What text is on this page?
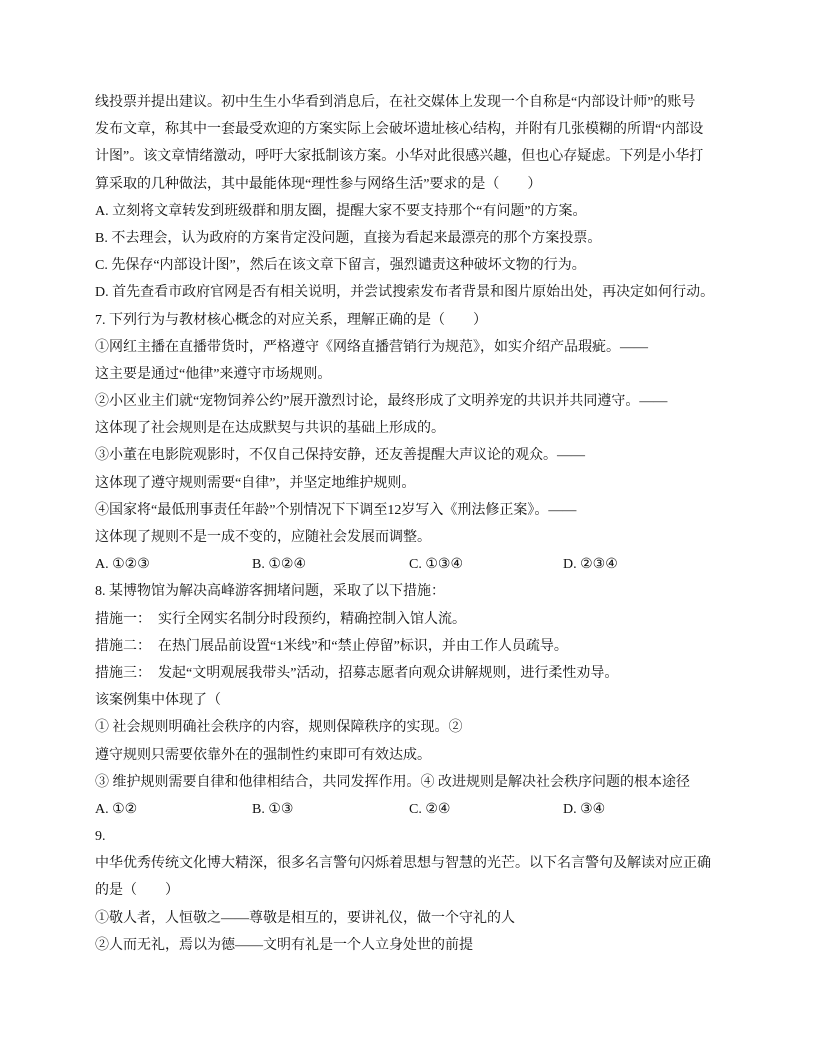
线投票并提出建议。初中生生小华看到消息后，在社交媒体上发现一个自称是“内部设计师”的账号
发布文章，称其中一套最受欢迎的方案实际上会破坏遗址核心结构，并附有几张模糊的所谓“内部设
计图”。该文章情绪激动，呼吁大家抵制该方案。小华对此很感兴趣，但也心存疑虑。下列是小华打
算采取的几种做法，其中最能体现“理性参与网络生活”要求的是（　　）
A. 立刻将文章转发到班级群和朋友圈，提醒大家不要支持那个“有问题”的方案。
B. 不去理会，认为政府的方案肯定没问题，直接为看起来最漂亮的那个方案投票。
C. 先保存“内部设计图”，然后在该文章下留言，强烈谴责这种破坏文物的行为。
D. 首先查看市政府官网是否有相关说明，并尝试搜索发布者背景和图片原始出处，再决定如何行动。
7. 下列行为与教材核心概念的对应关系，理解正确的是（　　）
①网红主播在直播带货时，严格遵守《网络直播营销行为规范》，如实介绍产品瑕疵。——
这主要是通过“他律”来遵守市场规则。
②小区业主们就“宠物饲养公约”展开激烈讨论，最终形成了文明养宠的共识并共同遵守。——
这体现了社会规则是在达成默契与共识的基础上形成的。
③小董在电影院观影时，不仅自己保持安静，还友善提醒大声议论的观众。——
这体现了遵守规则需要“自律”，并坚定地维护规则。
④国家将“最低刑事责任年龄”个别情况下下调至12岁写入《刑法修正案》。——
这体现了规则不是一成不变的，应随社会发展而调整。
A. ①②③	B. ①②④	C. ①③④	D. ②③④
8. 某博物馆为解决高峰游客拥堵问题，采取了以下措施：
措施一： 实行全网实名制分时段预约，精确控制入馆人流。
措施二： 在热门展品前设置“1米线”和“禁止停留”标识，并由工作人员疏导。
措施三： 发起“文明观展我带头”活动，招募志愿者向观众讲解规则，进行柔性劝导。
该案例集中体现了（
① 社会规则明确社会秩序的内容，规则保障秩序的实现。②
遵守规则只需要依靠外在的强制性约束即可有效达成。
③ 维护规则需要自律和他律相结合，共同发挥作用。④ 改进规则是解决社会秩序问题的根本途径
A. ①②	B. ①③	C. ②④	D. ③④
9.
中华优秀传统文化博大精深，很多名言警句闪烁着思想与智慧的光芒。以下名言警句及解读对应正确
的是（　　）
①敬人者，人恒敬之——尊敬是相互的，要讲礼仪，做一个守礼的人
②人而无礼，焉以为德——文明有礼是一个人立身处世的前提
